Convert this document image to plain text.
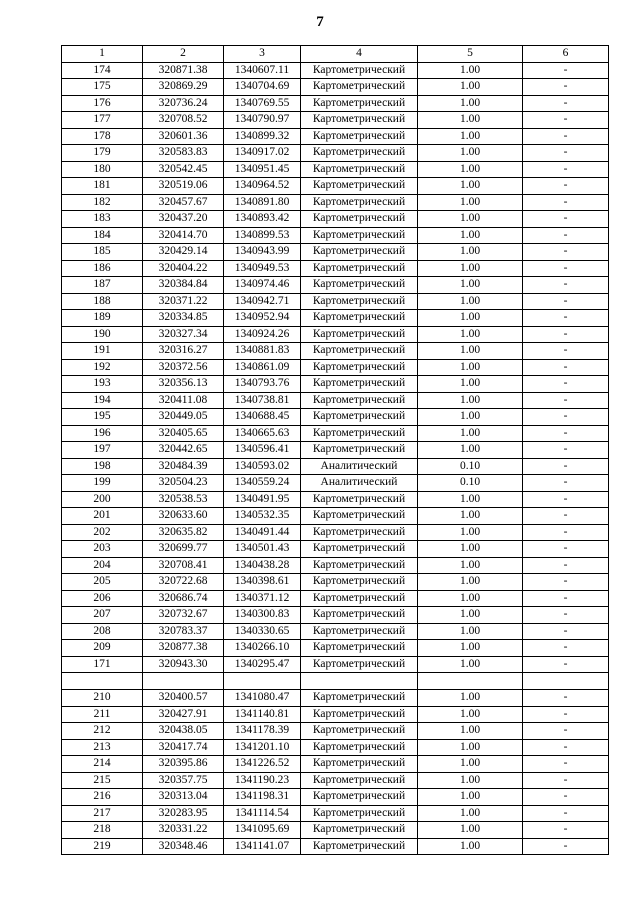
7
1	2	3	4	5	6
174	320871.38	1340607.11	Картометрический	1.00	-
175	320869.29	1340704.69	Картометрический	1.00	-
176	320736.24	1340769.55	Картометрический	1.00	-
177	320708.52	1340790.97	Картометрический	1.00	-
178	320601.36	1340899.32	Картометрический	1.00	-
179	320583.83	1340917.02	Картометрический	1.00	-
180	320542.45	1340951.45	Картометрический	1.00	-
181	320519.06	1340964.52	Картометрический	1.00	-
182	320457.67	1340891.80	Картометрический	1.00	-
183	320437.20	1340893.42	Картометрический	1.00	-
184	320414.70	1340899.53	Картометрический	1.00	-
185	320429.14	1340943.99	Картометрический	1.00	-
186	320404.22	1340949.53	Картометрический	1.00	-
187	320384.84	1340974.46	Картометрический	1.00	-
188	320371.22	1340942.71	Картометрический	1.00	-
189	320334.85	1340952.94	Картометрический	1.00	-
190	320327.34	1340924.26	Картометрический	1.00	-
191	320316.27	1340881.83	Картометрический	1.00	-
192	320372.56	1340861.09	Картометрический	1.00	-
193	320356.13	1340793.76	Картометрический	1.00	-
194	320411.08	1340738.81	Картометрический	1.00	-
195	320449.05	1340688.45	Картометрический	1.00	-
196	320405.65	1340665.63	Картометрический	1.00	-
197	320442.65	1340596.41	Картометрический	1.00	-
198	320484.39	1340593.02	Аналитический	0.10	-
199	320504.23	1340559.24	Аналитический	0.10	-
200	320538.53	1340491.95	Картометрический	1.00	-
201	320633.60	1340532.35	Картометрический	1.00	-
202	320635.82	1340491.44	Картометрический	1.00	-
203	320699.77	1340501.43	Картометрический	1.00	-
204	320708.41	1340438.28	Картометрический	1.00	-
205	320722.68	1340398.61	Картометрический	1.00	-
206	320686.74	1340371.12	Картометрический	1.00	-
207	320732.67	1340300.83	Картометрический	1.00	-
208	320783.37	1340330.65	Картометрический	1.00	-
209	320877.38	1340266.10	Картометрический	1.00	-
171	320943.30	1340295.47	Картометрический	1.00	-

210	320400.57	1341080.47	Картометрический	1.00	-
211	320427.91	1341140.81	Картометрический	1.00	-
212	320438.05	1341178.39	Картометрический	1.00	-
213	320417.74	1341201.10	Картометрический	1.00	-
214	320395.86	1341226.52	Картометрический	1.00	-
215	320357.75	1341190.23	Картометрический	1.00	-
216	320313.04	1341198.31	Картометрический	1.00	-
217	320283.95	1341114.54	Картометрический	1.00	-
218	320331.22	1341095.69	Картометрический	1.00	-
219	320348.46	1341141.07	Картометрический	1.00	-
